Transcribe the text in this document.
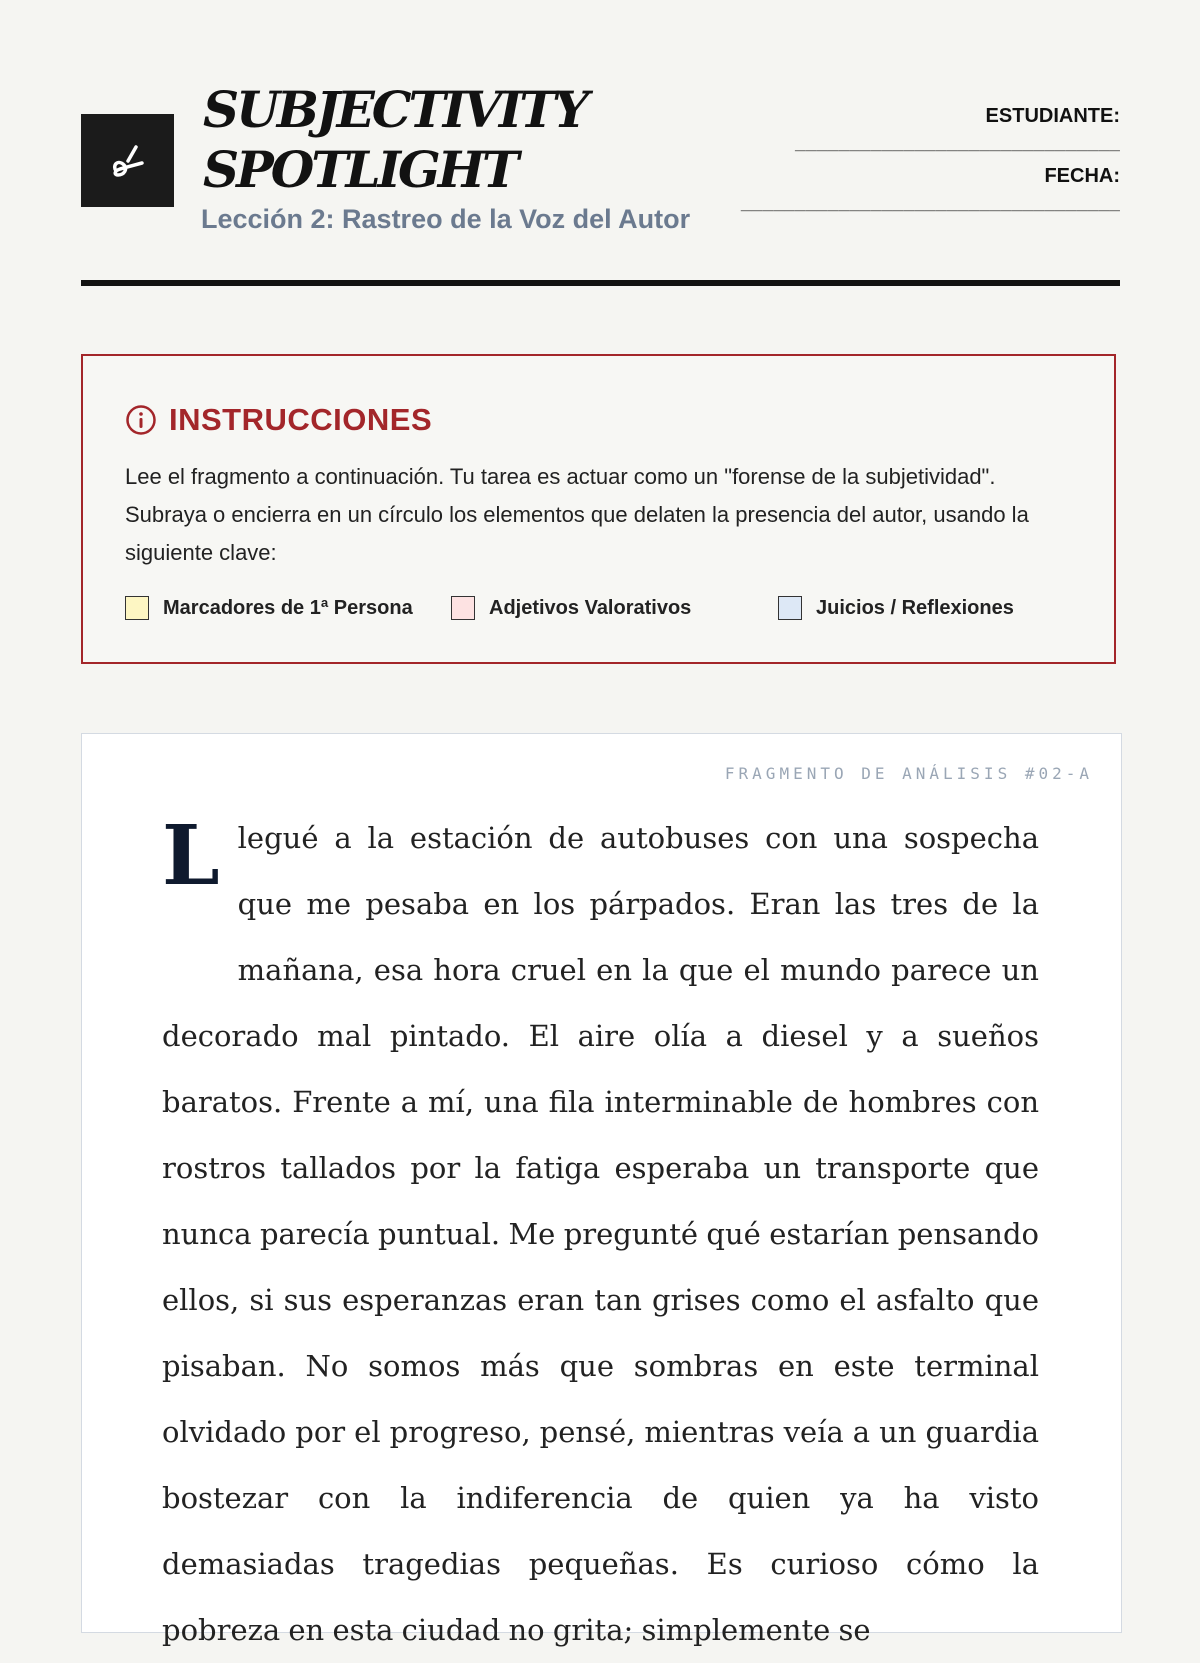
SUBJECTIVITY
SPOTLIGHT
Lección 2: Rastreo de la Voz del Autor
ESTUDIANTE:
______________________________
FECHA:
___________________________________
INSTRUCCIONES

Lee el fragmento a continuación. Tu tarea es actuar como un "forense de la subjetividad". Subraya o encierra en un círculo los elementos que delaten la presencia del autor, usando la siguiente clave:

Marcadores de 1ª Persona	Adjetivos Valorativos	Juicios / Reflexiones
FRAGMENTO DE ANÁLISIS #02-A

Llegué a la estación de autobuses con una sospecha que me pesaba en los párpados. Eran las tres de la mañana, esa hora cruel en la que el mundo parece un decorado mal pintado. El aire olía a diesel y a sueños baratos. Frente a mí, una fila interminable de hombres con rostros tallados por la fatiga esperaba un transporte que nunca parecía puntual. Me pregunté qué estarían pensando ellos, si sus esperanzas eran tan grises como el asfalto que pisaban. No somos más que sombras en este terminal olvidado por el progreso, pensé, mientras veía a un guardia bostezar con la indiferencia de quien ya ha visto demasiadas tragedias pequeñas. Es curioso cómo la pobreza en esta ciudad no grita; simplemente se
